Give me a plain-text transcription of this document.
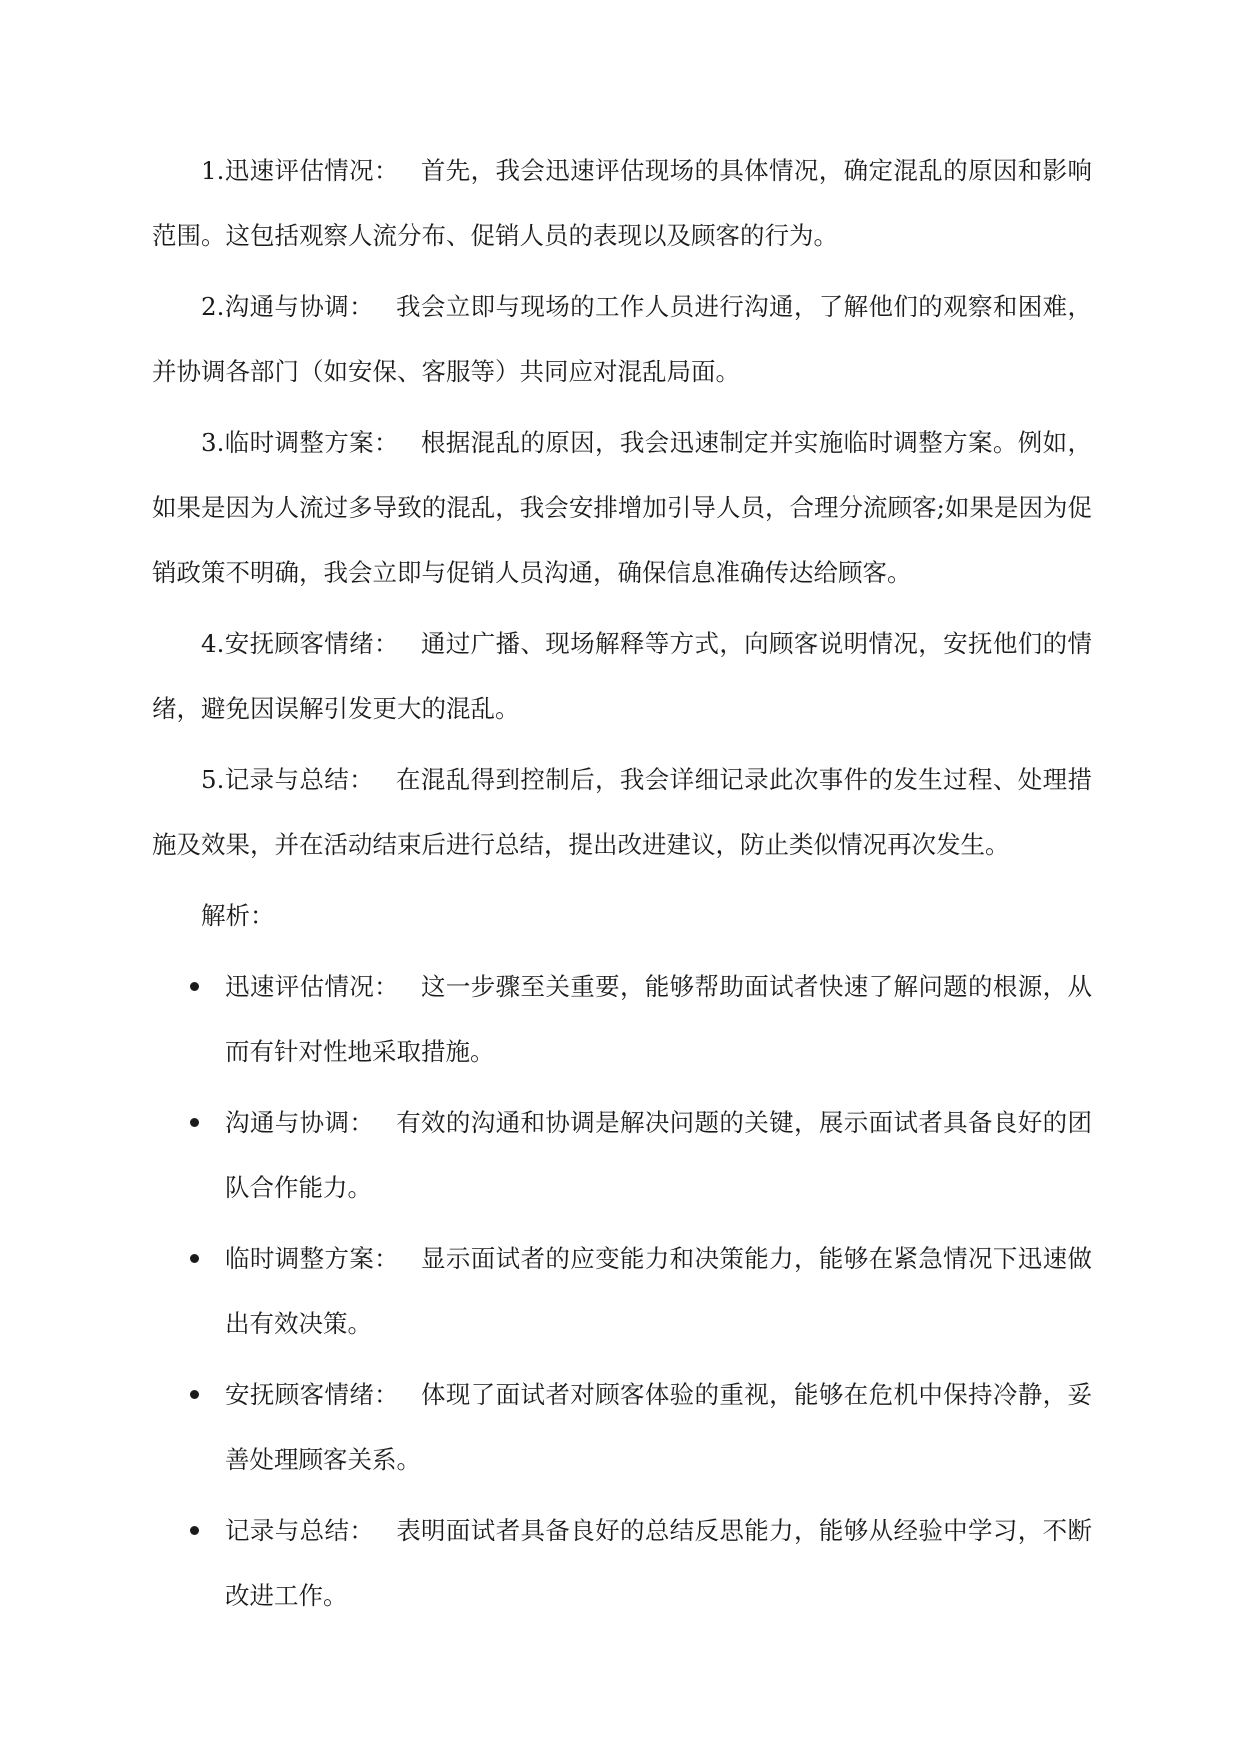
1.迅速评估情况： 首先，我会迅速评估现场的具体情况，确定混乱的原因和影响范围。这包括观察人流分布、促销人员的表现以及顾客的行为。

2.沟通与协调： 我会立即与现场的工作人员进行沟通，了解他们的观察和困难，并协调各部门（如安保、客服等）共同应对混乱局面。

3.临时调整方案： 根据混乱的原因，我会迅速制定并实施临时调整方案。例如，如果是因为人流过多导致的混乱，我会安排增加引导人员，合理分流顾客;如果是因为促销政策不明确，我会立即与促销人员沟通，确保信息准确传达给顾客。

4.安抚顾客情绪： 通过广播、现场解释等方式，向顾客说明情况，安抚他们的情绪，避免因误解引发更大的混乱。

5.记录与总结： 在混乱得到控制后，我会详细记录此次事件的发生过程、处理措施及效果，并在活动结束后进行总结，提出改进建议，防止类似情况再次发生。

解析：

迅速评估情况： 这一步骤至关重要，能够帮助面试者快速了解问题的根源，从而有针对性地采取措施。
沟通与协调： 有效的沟通和协调是解决问题的关键，展示面试者具备良好的团队合作能力。
临时调整方案： 显示面试者的应变能力和决策能力，能够在紧急情况下迅速做出有效决策。
安抚顾客情绪： 体现了面试者对顾客体验的重视，能够在危机中保持冷静，妥善处理顾客关系。
记录与总结： 表明面试者具备良好的总结反思能力，能够从经验中学习，不断改进工作。
